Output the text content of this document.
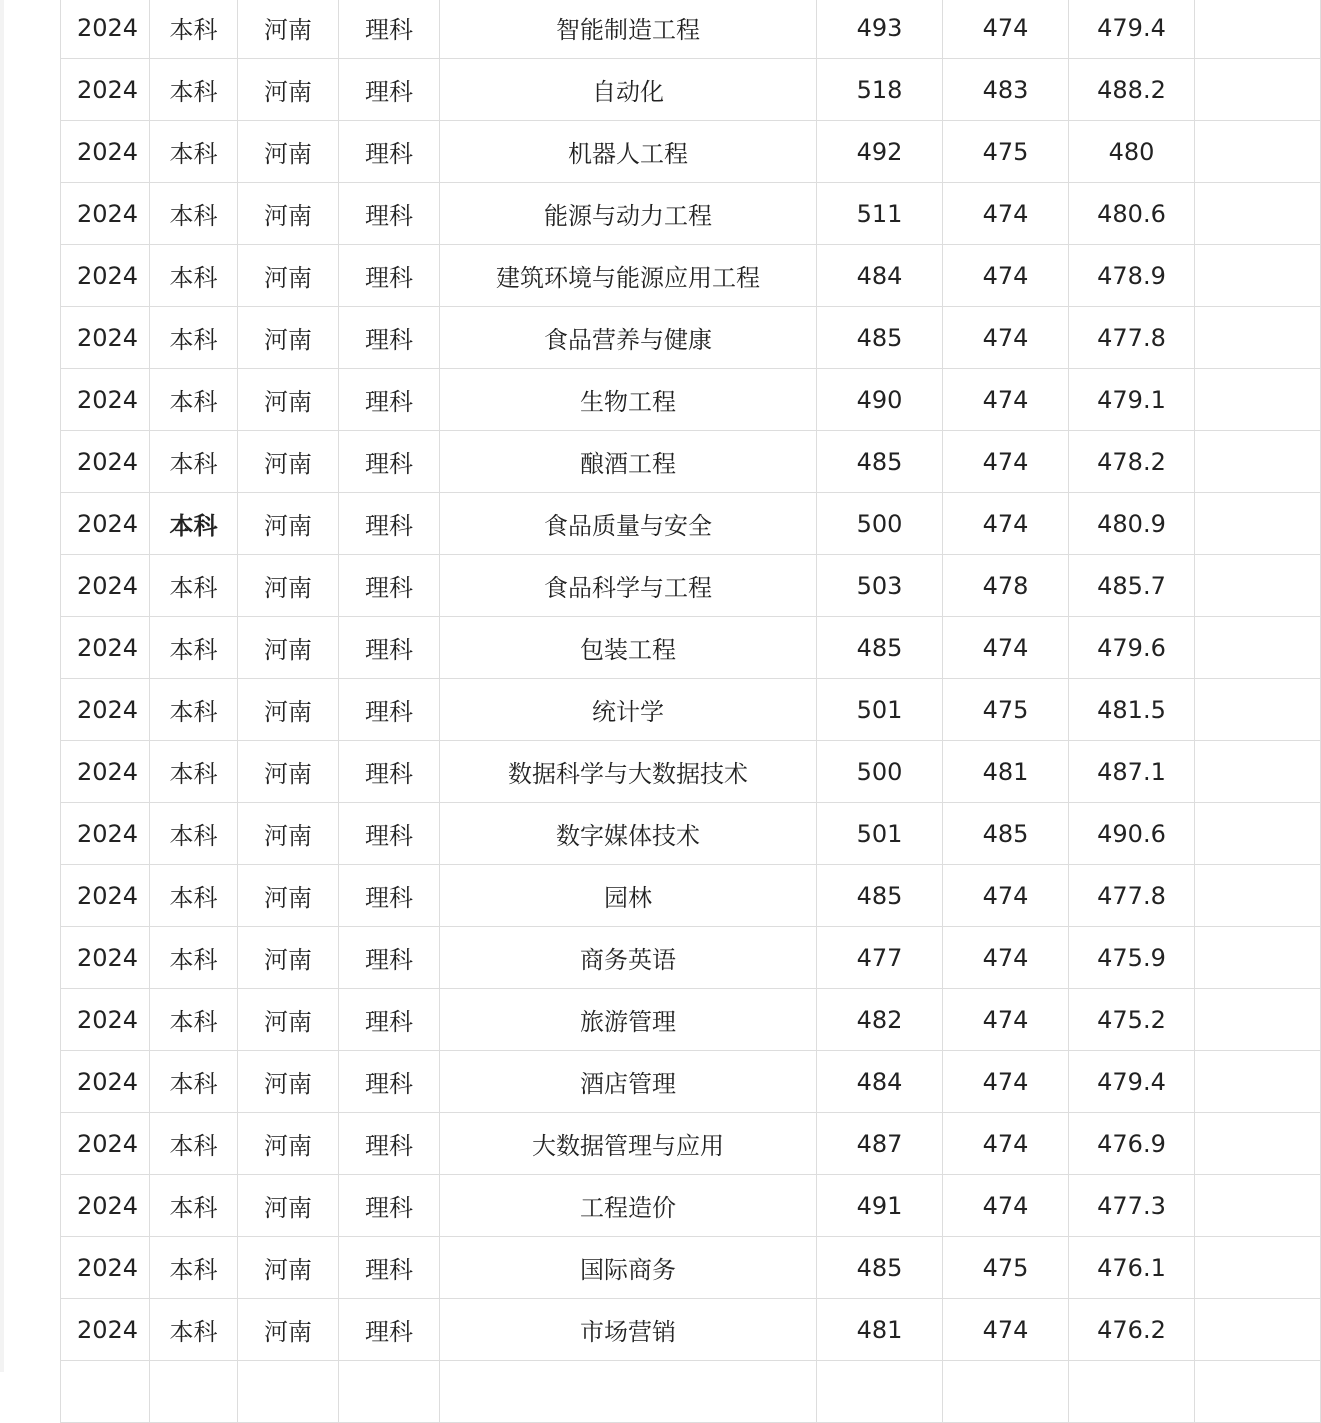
2024	本科	河南	理科	智能制造工程	493	474	479.4	
2024	本科	河南	理科	自动化	518	483	488.2	
2024	本科	河南	理科	机器人工程	492	475	480	
2024	本科	河南	理科	能源与动力工程	511	474	480.6	
2024	本科	河南	理科	建筑环境与能源应用工程	484	474	478.9	
2024	本科	河南	理科	食品营养与健康	485	474	477.8	
2024	本科	河南	理科	生物工程	490	474	479.1	
2024	本科	河南	理科	酿酒工程	485	474	478.2	
2024	本科	河南	理科	食品质量与安全	500	474	480.9	
2024	本科	河南	理科	食品科学与工程	503	478	485.7	
2024	本科	河南	理科	包装工程	485	474	479.6	
2024	本科	河南	理科	统计学	501	475	481.5	
2024	本科	河南	理科	数据科学与大数据技术	500	481	487.1	
2024	本科	河南	理科	数字媒体技术	501	485	490.6	
2024	本科	河南	理科	园林	485	474	477.8	
2024	本科	河南	理科	商务英语	477	474	475.9	
2024	本科	河南	理科	旅游管理	482	474	475.2	
2024	本科	河南	理科	酒店管理	484	474	479.4	
2024	本科	河南	理科	大数据管理与应用	487	474	476.9	
2024	本科	河南	理科	工程造价	491	474	477.3	
2024	本科	河南	理科	国际商务	485	475	476.1	
2024	本科	河南	理科	市场营销	481	474	476.2	
